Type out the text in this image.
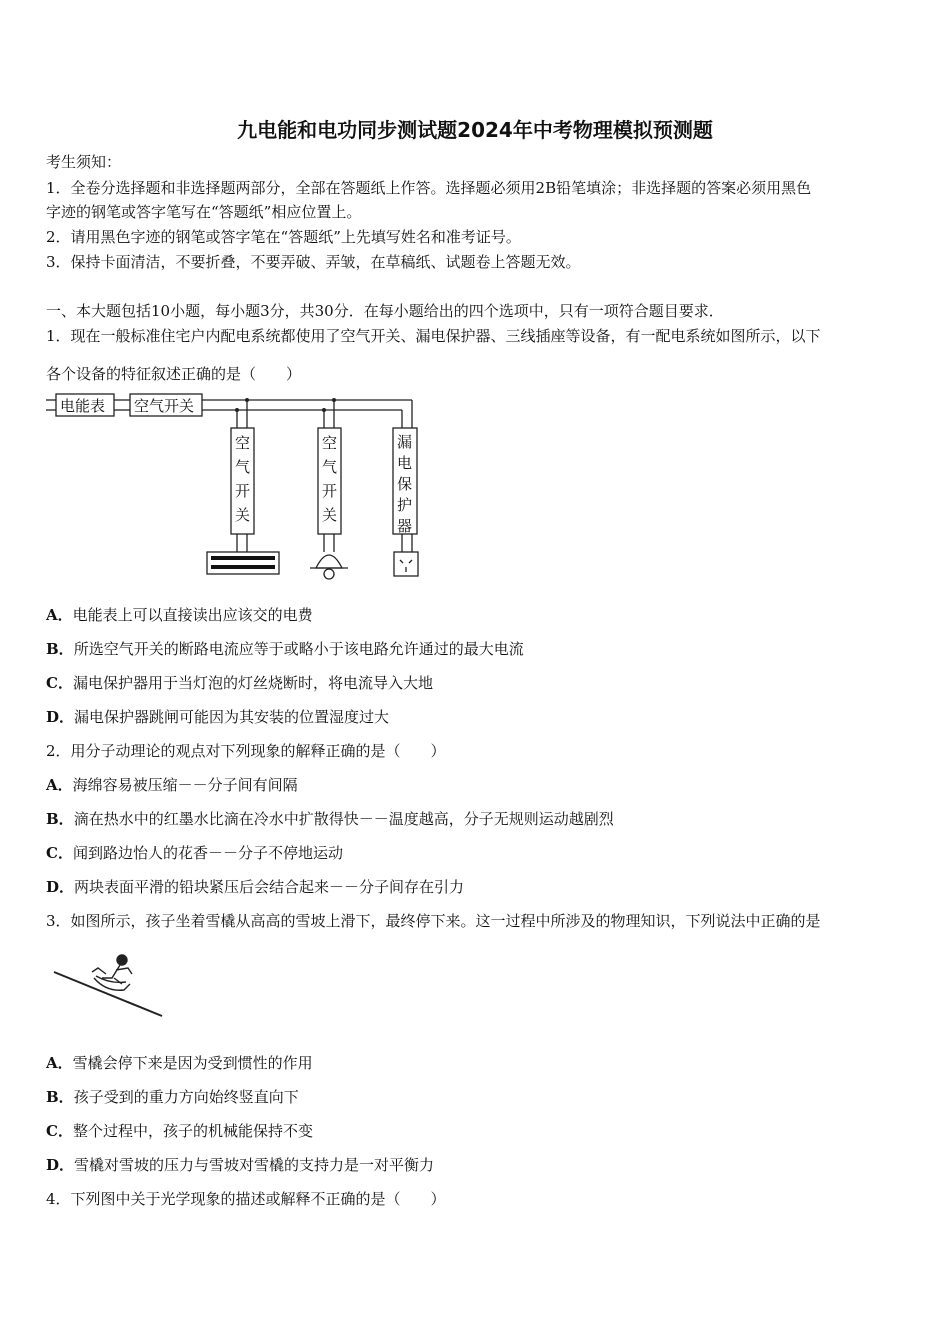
九电能和电功同步测试题2024年中考物理模拟预测题
考生须知：
1．全卷分选择题和非选择题两部分，全部在答题纸上作答。选择题必须用2B铅笔填涂；非选择题的答案必须用黑色
字迹的钢笔或答字笔写在“答题纸”相应位置上。
2．请用黑色字迹的钢笔或答字笔在“答题纸”上先填写姓名和准考证号。
3．保持卡面清洁，不要折叠，不要弄破、弄皱，在草稿纸、试题卷上答题无效。
一、本大题包括10小题，每小题3分，共30分．在每小题给出的四个选项中，只有一项符合题目要求．
1．现在一般标准住宅户内配电系统都使用了空气开关、漏电保护器、三线插座等设备，有一配电系统如图所示，以下
各个设备的特征叙述正确的是（　　）
电能表 空气开关
空
气
开
关
空
气
开
关
漏
电
保
护
器
A．电能表上可以直接读出应该交的电费
B．所选空气开关的断路电流应等于或略小于该电路允许通过的最大电流
C．漏电保护器用于当灯泡的灯丝烧断时，将电流导入大地
D．漏电保护器跳闸可能因为其安装的位置湿度过大
2．用分子动理论的观点对下列现象的解释正确的是（　　）
A．海绵容易被压缩－－分子间有间隔
B．滴在热水中的红墨水比滴在冷水中扩散得快－－温度越高，分子无规则运动越剧烈
C．闻到路边怡人的花香－－分子不停地运动
D．两块表面平滑的铅块紧压后会结合起来－－分子间存在引力
3．如图所示，孩子坐着雪橇从高高的雪坡上滑下，最终停下来。这一过程中所涉及的物理知识，下列说法中正确的是
A．雪橇会停下来是因为受到惯性的作用
B．孩子受到的重力方向始终竖直向下
C．整个过程中，孩子的机械能保持不变
D．雪橇对雪坡的压力与雪坡对雪橇的支持力是一对平衡力
4．下列图中关于光学现象的描述或解释不正确的是（　　）
